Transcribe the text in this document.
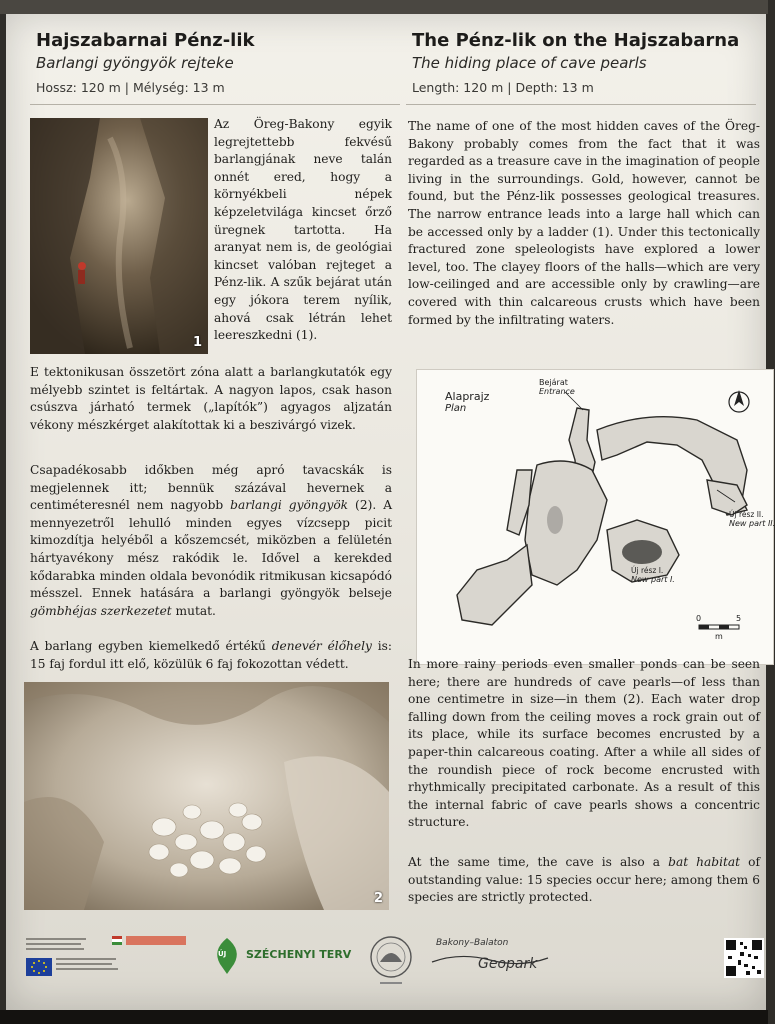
Hajszabarnai Pénz-lik
Barlangi gyöngyök rejteke
Hossz: 120 m | Mélység: 13 m
The Pénz-lik on the Hajszabarna
The hiding place of cave pearls
Length: 120 m | Depth: 13 m
1

Az Öreg-Bakony egyik legrejtettebb fekvésű barlangjának neve talán onnét ered, hogy a környékbeli népek képzeletvilága kincset őrző üregnek tartotta. Ha aranyat nem is, de geológiai kincset valóban rejteget a Pénz-lik. A szűk bejárat után egy jókora terem nyílik, ahová csak létrán lehet leereszkedni (1).

E tektonikusan összetört zóna alatt a barlangkutatók egy mélyebb szintet is feltártak. A nagyon lapos, csak hason csúszva járható termek („lapítók”) agyagos aljzatán vékony mészkérget alakítottak ki a beszivárgó vizek.

Csapadékosabb időkben még apró tavacskák is megjelennek itt; bennük százával hevernek a centiméteresnél nem nagyobb barlangi gyöngyök (2). A mennyezetről lehulló minden egyes vízcsepp picit kimozdítja helyéből a kőszemcsét, miközben a felületén hártyavékony mész rakódik le. Idővel a kerekded kődarabka minden oldala bevonódik ritmikusan kicsapódó mésszel. Ennek hatására a barlangi gyöngyök belseje gömbhéjas szerkezetet mutat.

A barlang egyben kiemelkedő értékű denevér élőhely is: 15 faj fordul itt elő, közülük 6 faj fokozottan védett.

2

The name of one of the most hidden caves of the Öreg-Bakony probably comes from the fact that it was regarded as a treasure cave in the imagination of people living in the surroundings. Gold, however, cannot be found, but the Pénz-lik possesses geological treasures. The narrow entrance leads into a large hall which can be accessed only by a ladder (1). Under this tectonically fractured zone speleologists have explored a lower level, too. The clayey floors of the halls—which are very low-ceilinged and are accessible only by crawling—are covered with thin calcareous crusts which have been formed by the infiltrating waters.

Alaprajz
Plan
Bejárat
Entrance
Új rész II.
New part II.
Új rész I.
New part I.
0	5
m

In more rainy periods even smaller ponds can be seen here; there are hundreds of cave pearls—of less than one centimetre in size—in them (2). Each water drop falling down from the ceiling moves a rock grain out of its place, while its surface becomes encrusted by a paper-thin calcareous coating. After a while all sides of the roundish piece of rock become encrusted with rhythmically precipitated carbonate. As a result of this the internal fabric of cave pearls shows a concentric structure.

At the same time, the cave is also a bat habitat of outstanding value: 15 species occur here; among them 6 species are strictly protected.

ÚJ SZÉCHENYI TERV
Bakony–Balaton
Geopark
